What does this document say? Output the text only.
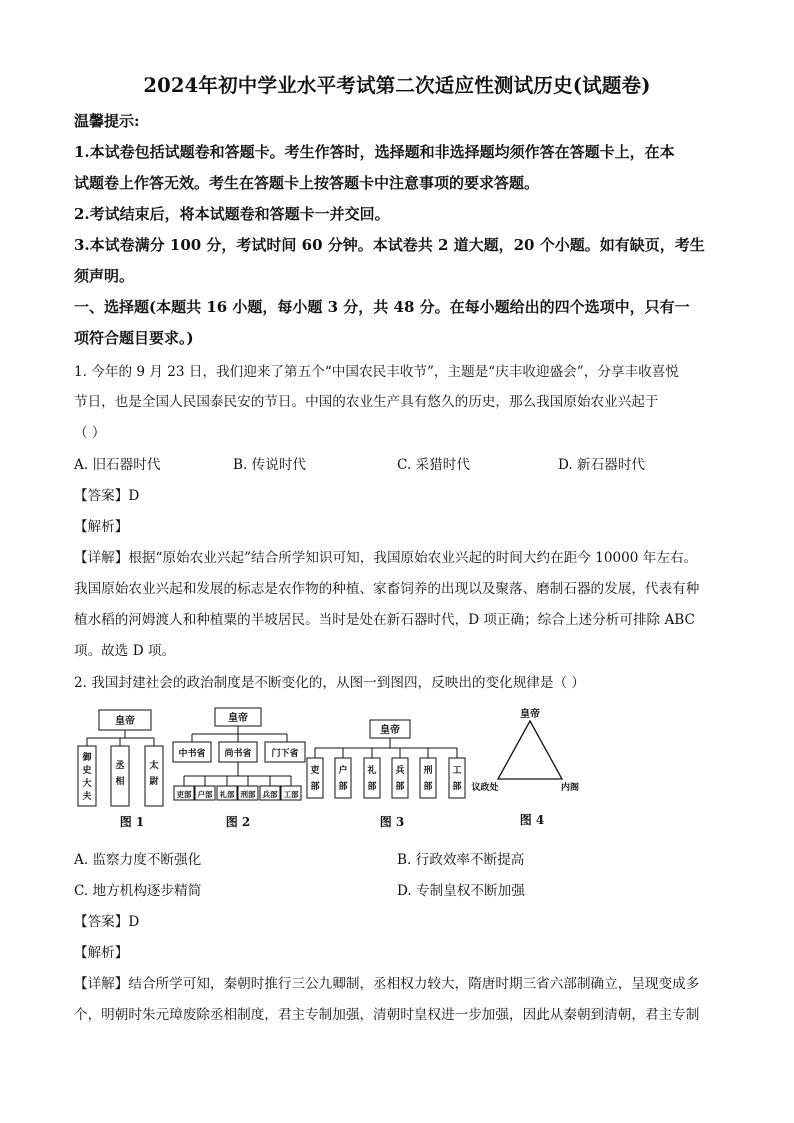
2024年初中学业水平考试第二次适应性测试历史(试题卷)
温馨提示:
1.本试卷包括试题卷和答题卡。考生作答时，选择题和非选择题均须作答在答题卡上，在本
试题卷上作答无效。考生在答题卡上按答题卡中注意事项的要求答题。
2.考试结束后，将本试题卷和答题卡一并交回。
3.本试卷满分 100 分，考试时间 60 分钟。本试卷共 2 道大题，20 个小题。如有缺页，考生
须声明。
一、选择题(本题共 16 小题，每小题 3 分，共 48 分。在每小题给出的四个选项中，只有一
项符合题目要求。)
1. 今年的 9 月 23 日，我们迎来了第五个“中国农民丰收节”，主题是“庆丰收迎盛会”，分享丰收喜悦
节日，也是全国人民国泰民安的节日。中国的农业生产具有悠久的历史，那么我国原始农业兴起于
（ ）
A. 旧石器时代	B. 传说时代	C. 采猎时代	D. 新石器时代
【答案】D
【解析】
【详解】根据“原始农业兴起”结合所学知识可知，我国原始农业兴起的时间大约在距今 10000 年左右。
我国原始农业兴起和发展的标志是农作物的种植、家畜饲养的出现以及聚落、磨制石器的发展，代表有种
植水稻的河姆渡人和种植粟的半坡居民。当时是处在新石器时代，D 项正确；综合上述分析可排除 ABC
项。故选 D 项。
2. 我国封建社会的政治制度是不断变化的，从图一到图四，反映出的变化规律是（ ）
皇帝
御
史
大
夫
丞
相
太
尉
图 1
皇帝
中书省 尚书省 门下省
吏部 户部 礼部 刑部 兵部 工部
图 2
皇帝
吏
部
户
部
礼
部
兵
部
刑
部
工
部
图 3
皇帝
议政处	内阁
图 4
A. 监察力度不断强化	B. 行政效率不断提高
C. 地方机构逐步精简	D. 专制皇权不断加强
【答案】D
【解析】
【详解】结合所学可知，秦朝时推行三公九卿制，丞相权力较大，隋唐时期三省六部制确立，呈现变成多
个，明朝时朱元璋废除丞相制度，君主专制加强，清朝时皇权进一步加强，因此从秦朝到清朝，君主专制
